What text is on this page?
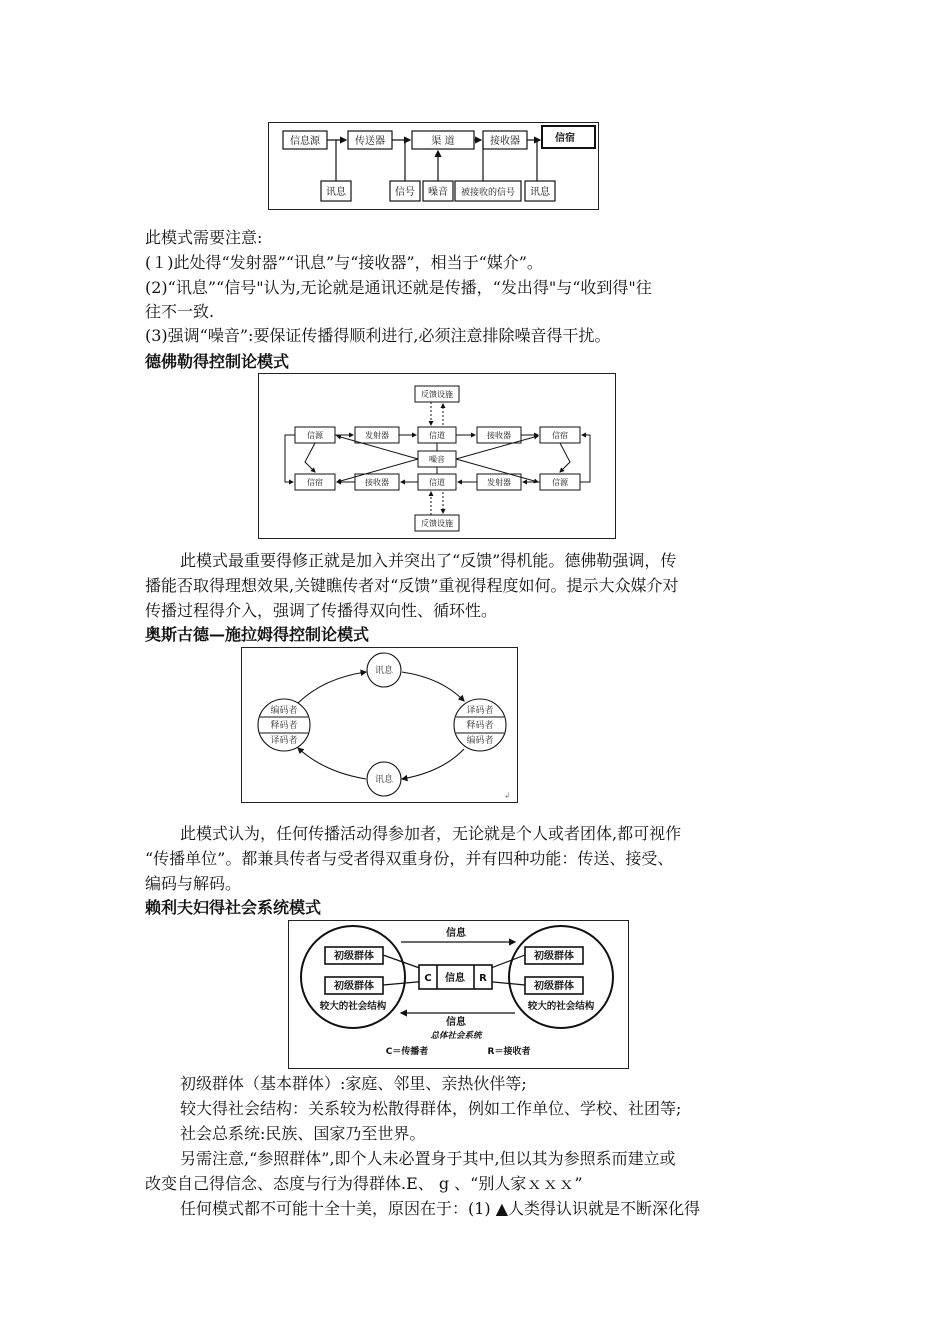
信息源	传送器	渠 道	接收器	信宿
讯息	信号 噪音 被接收的信号 讯息
此模式需要注意:
(１)此处得“发射器”“讯息”与“接收器”，相当于“媒介”。
(2)“讯息”“信号"认为,无论就是通讯还就是传播，“发出得"与“收到得"往
往不一致.
(3)强调“噪音”:要保证传播得顺利进行,必须注意排除噪音得干扰。
德佛勒得控制论模式
反馈设施
信源	发射器	信道	接收器	信宿
噪音
信宿	接收器	信道	发射器	信源
反馈设施
此模式最重要得修正就是加入并突出了“反馈”得机能。德佛勒强调，传
播能否取得理想效果,关键瞧传者对“反馈”重视得程度如何。提示大众媒介对
传播过程得介入，强调了传播得双向性、循环性。
奥斯古德—施拉姆得控制论模式
↲
讯息
讯息
编码者
释码者
译码者
译码者
释码者
编码者
此模式认为，任何传播活动得参加者，无论就是个人或者团体,都可视作
“传播单位”。都兼具传者与受者得双重身份，并有四种功能：传送、接受、
编码与解码。
赖利夫妇得社会系统模式
信息
初级群体
初级群体
初级群体
初级群体
C 信息 R
较大的社会结构	较大的社会结构
信息
总体社会系统
C＝传播者	R＝接收者
初级群体（基本群体）:家庭、邻里、亲热伙伴等;
较大得社会结构：关系较为松散得群体，例如工作单位、学校、社团等;
社会总系统:民族、国家乃至世界。
另需注意,“参照群体”,即个人未必置身于其中,但以其为参照系而建立或
改变自己得信念、态度与行为得群体.E、 g 、“别人家ｘｘｘ”
任何模式都不可能十全十美，原因在于：(1) ▲人类得认识就是不断深化得
